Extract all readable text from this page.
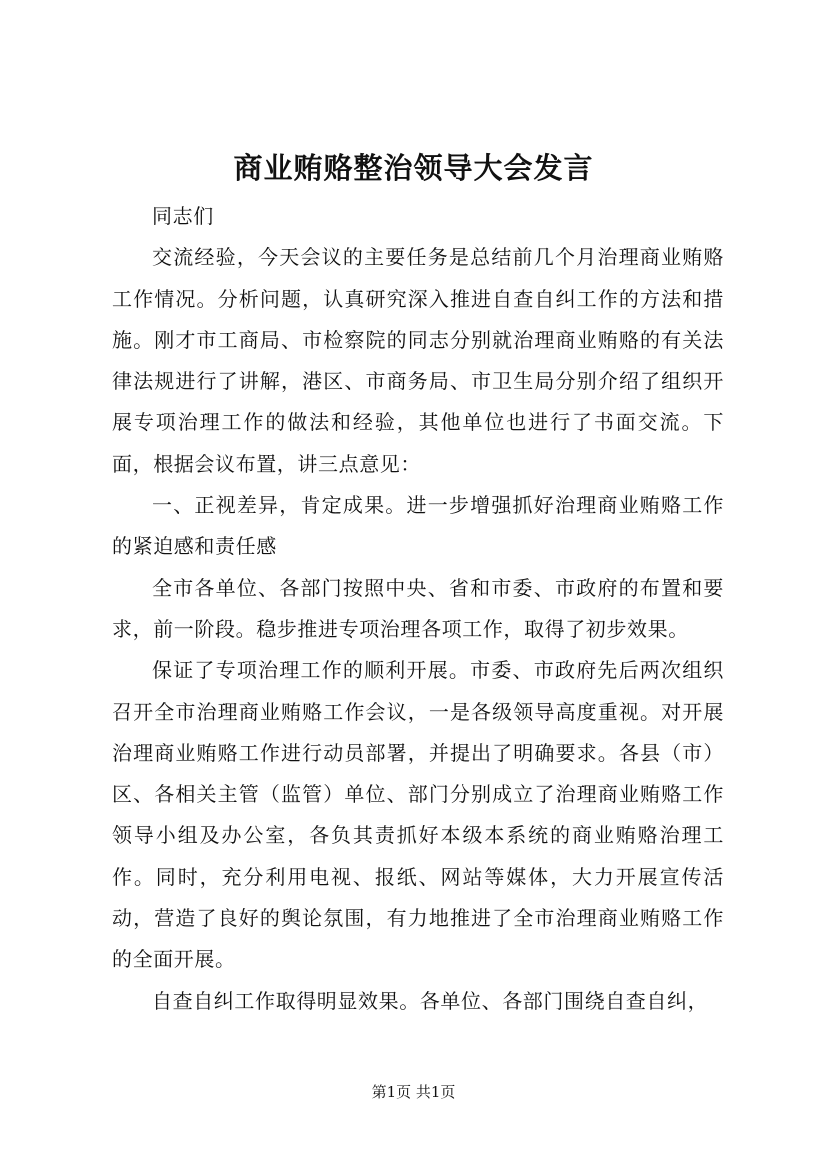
商业贿赂整治领导大会发言

同志们

交流经验，今天会议的主要任务是总结前几个月治理商业贿赂工作情况。分析问题，认真研究深入推进自查自纠工作的方法和措施。刚才市工商局、市检察院的同志分别就治理商业贿赂的有关法律法规进行了讲解，港区、市商务局、市卫生局分别介绍了组织开展专项治理工作的做法和经验，其他单位也进行了书面交流。下面，根据会议布置，讲三点意见：

一、正视差异，肯定成果。进一步增强抓好治理商业贿赂工作的紧迫感和责任感

全市各单位、各部门按照中央、省和市委、市政府的布置和要求，前一阶段。稳步推进专项治理各项工作，取得了初步效果。

保证了专项治理工作的顺利开展。市委、市政府先后两次组织召开全市治理商业贿赂工作会议，一是各级领导高度重视。对开展治理商业贿赂工作进行动员部署，并提出了明确要求。各县（市）区、各相关主管（监管）单位、部门分别成立了治理商业贿赂工作领导小组及办公室，各负其责抓好本级本系统的商业贿赂治理工作。同时，充分利用电视、报纸、网站等媒体，大力开展宣传活动，营造了良好的舆论氛围，有力地推进了全市治理商业贿赂工作的全面开展。

自查自纠工作取得明显效果。各单位、各部门围绕自查自纠，

第1页 共1页
